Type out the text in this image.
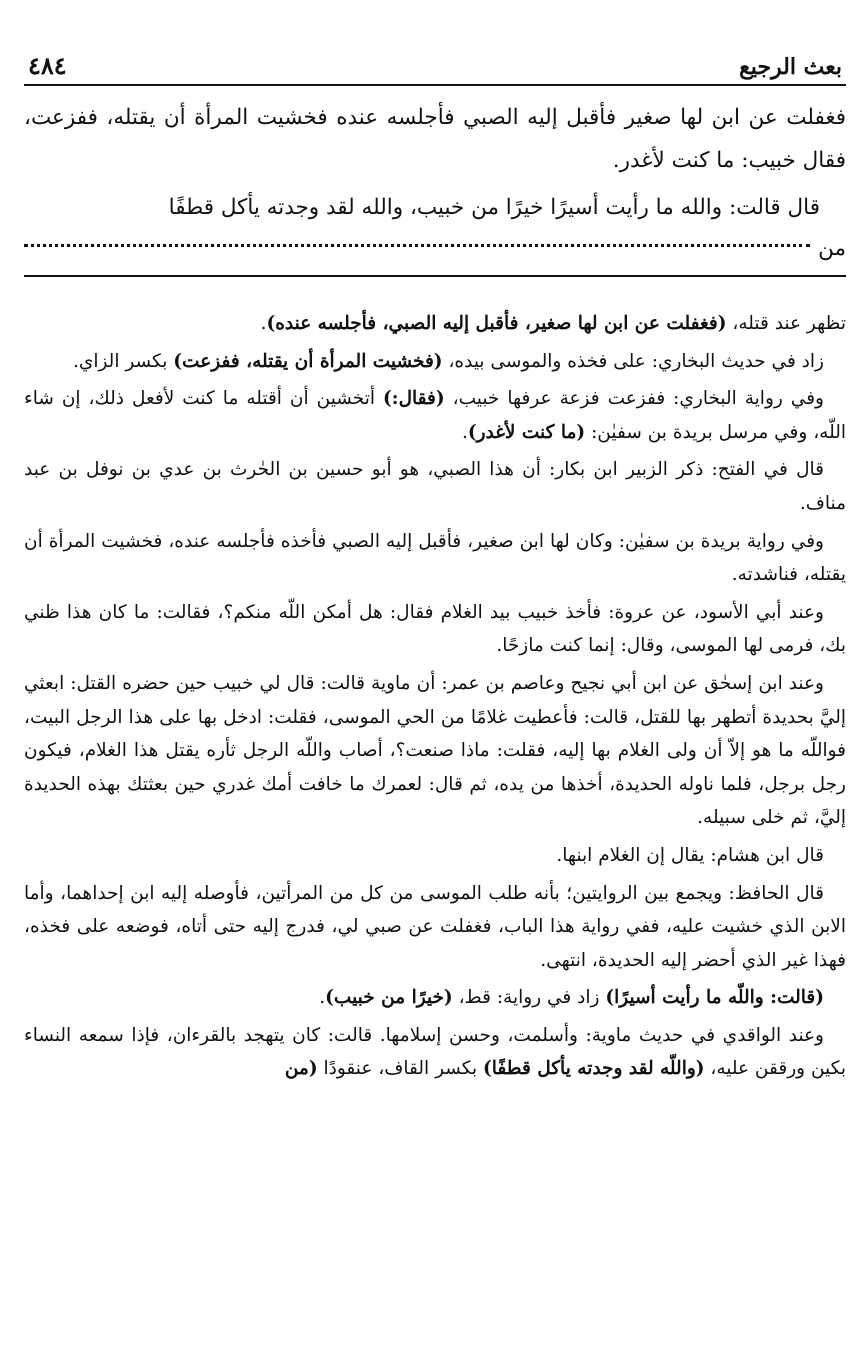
بعث الرجيع
٤٨٤

فغفلت عن ابن لها صغير فأقبل إليه الصبي فأجلسه عنده فخشيت المرأة أن يقتله، ففزعت، فقال خبيب: ما كنت لأغدر.

قال قالت: والله ما رأيت أسيرًا خيرًا من خبيب، والله لقد وجدته يأكل قطفًا

من

تظهر عند قتله، (فغفلت عن ابن لها صغير، فأقبل إليه الصبي، فأجلسه عنده).

زاد في حديث البخاري: على فخذه والموسى بيده، (فخشيت المرأة أن يقتله، ففزعت) بكسر الزاي.

وفي رواية البخاري: ففزعت فزعة عرفها خبيب، (فقال:) أتخشين أن أقتله ما كنت لأفعل ذلك، إن شاء اللّه، وفي مرسل بريدة بن سفيٰن: (ما كنت لأغدر).

قال في الفتح: ذكر الزبير ابن بكار: أن هذا الصبي، هو أبو حسين بن الحٰرث بن عدي بن نوفل بن عبد مناف.

وفي رواية بريدة بن سفيٰن: وكان لها ابن صغير، فأقبل إليه الصبي فأخذه فأجلسه عنده، فخشيت المرأة أن يقتله، فناشدته.

وعند أبي الأسود، عن عروة: فأخذ خبيب بيد الغلام فقال: هل أمكن اللّه منكم؟، فقالت: ما كان هذا ظني بك، فرمى لها الموسى، وقال: إنما كنت مازحًا.

وعند ابن إسحٰق عن ابن أبي نجيح وعاصم بن عمر: أن ماوية قالت: قال لي خبيب حين حضره القتل: ابعثي إليَّ بحديدة أتطهر بها للقتل، قالت: فأعطيت غلامًا من الحي الموسى، فقلت: ادخل بها على هذا الرجل البيت، فواللّه ما هو إلاّ أن ولى الغلام بها إليه، فقلت: ماذا صنعت؟، أصاب واللّه الرجل ثأره يقتل هذا الغلام، فيكون رجل برجل، فلما ناوله الحديدة، أخذها من يده، ثم قال: لعمرك ما خافت أمك غدري حين بعثتك بهذه الحديدة إليَّ، ثم خلى سبيله.

قال ابن هشام: يقال إن الغلام ابنها.

قال الحافظ: ويجمع بين الروايتين؛ بأنه طلب الموسى من كل من المرأتين، فأوصله إليه ابن إحداهما، وأما الابن الذي خشيت عليه، ففي رواية هذا الباب، فغفلت عن صبي لي، فدرج إليه حتى أتاه، فوضعه على فخذه، فهذا غير الذي أحضر إليه الحديدة، انتهى.

(قالت: واللّه ما رأيت أسيرًا) زاد في رواية: قط، (خيرًا من خبيب).

وعند الواقدي في حديث ماوية: وأسلمت، وحسن إسلامها. قالت: كان يتهجد بالقرءان، فإذا سمعه النساء بكين ورققن عليه، (واللّه لقد وجدته يأكل قطفًا) بكسر القاف، عنقودًا (من
